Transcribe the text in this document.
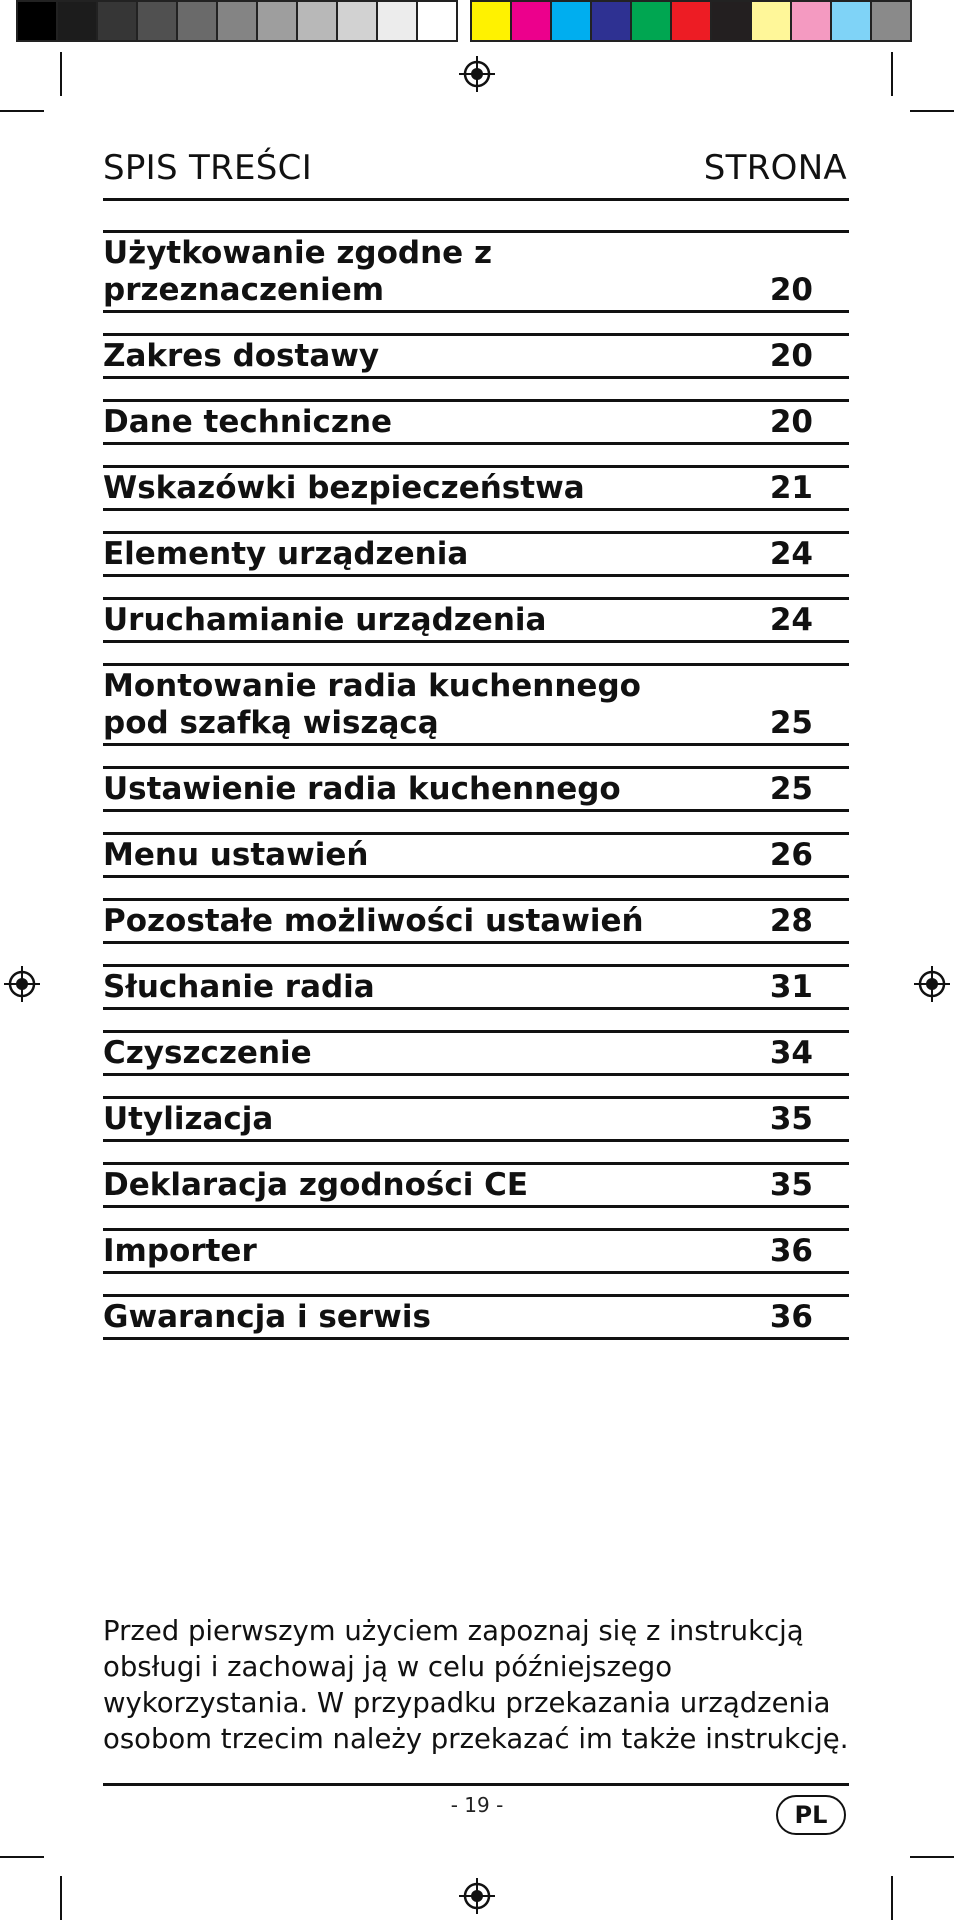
SPIS TREŚCI	STRONA
Użytkowanie zgodne z przeznaczeniem	20
Zakres dostawy	20
Dane techniczne	20
Wskazówki bezpieczeństwa	21
Elementy urządzenia	24
Uruchamianie urządzenia	24
Montowanie radia kuchennego
pod szafką wiszącą	25
Ustawienie radia kuchennego	25
Menu ustawień	26
Pozostałe możliwości ustawień	28
Słuchanie radia	31
Czyszczenie	34
Utylizacja	35
Deklaracja zgodności CE	35
Importer	36
Gwarancja i serwis	36
Przed pierwszym użyciem zapoznaj się z instrukcją obsługi i zachowaj ją w celu późniejszego wykorzystania. W przypadku przekazania urządzenia osobom trzecim należy przekazać im także instrukcję.
- 19 -	PL
